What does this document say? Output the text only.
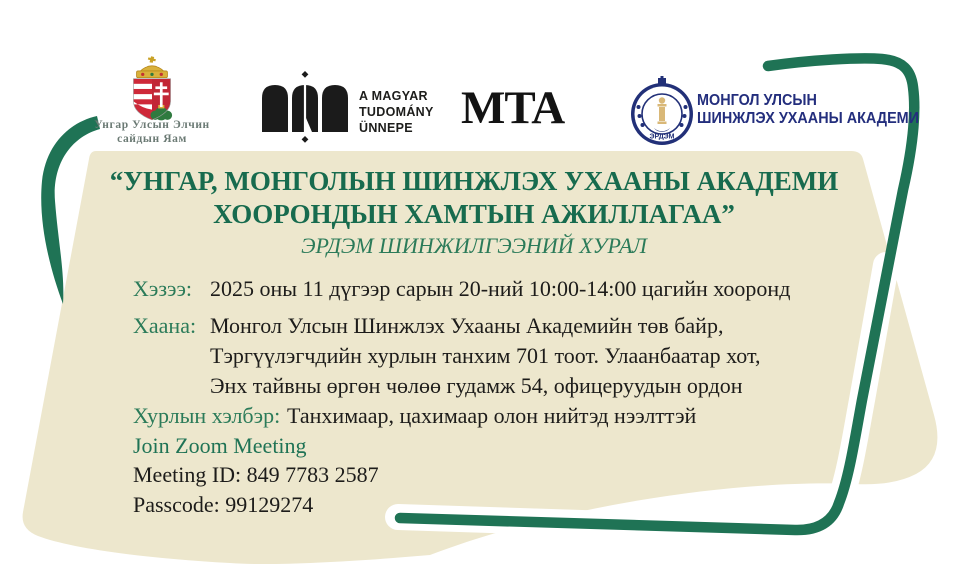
Унгар Улсын Элчин
сайдын Яам
A MAGYAR
TUDOMÁNY
ÜNNEPE	MTA
ЭРДЭМ
МОНГОЛ УЛСЫН
ШИНЖЛЭХ УХААНЫ АКАДЕМИ
“УНГАР, МОНГОЛЫН ШИНЖЛЭХ УХААНЫ АКАДЕМИ
ХООРОНДЫН ХАМТЫН АЖИЛЛАГАА”
ЭРДЭМ ШИНЖИЛГЭЭНИЙ ХУРАЛ
Хэзээ: 2025 оны 11 дүгээр сарын 20-ний 10:00-14:00 цагийн хооронд
Хаана: Монгол Улсын Шинжлэх Ухааны Академийн төв байр,
Тэргүүлэгчдийн хурлын танхим 701 тоот. Улаанбаатар хот,
Энх тайвны өргөн чөлөө гудамж 54, офицеруудын ордон
Хурлын хэлбэр: Танхимаар, цахимаар олон нийтэд нээлттэй
Join Zoom Meeting
Meeting ID: 849 7783 2587
Passcode: 99129274
